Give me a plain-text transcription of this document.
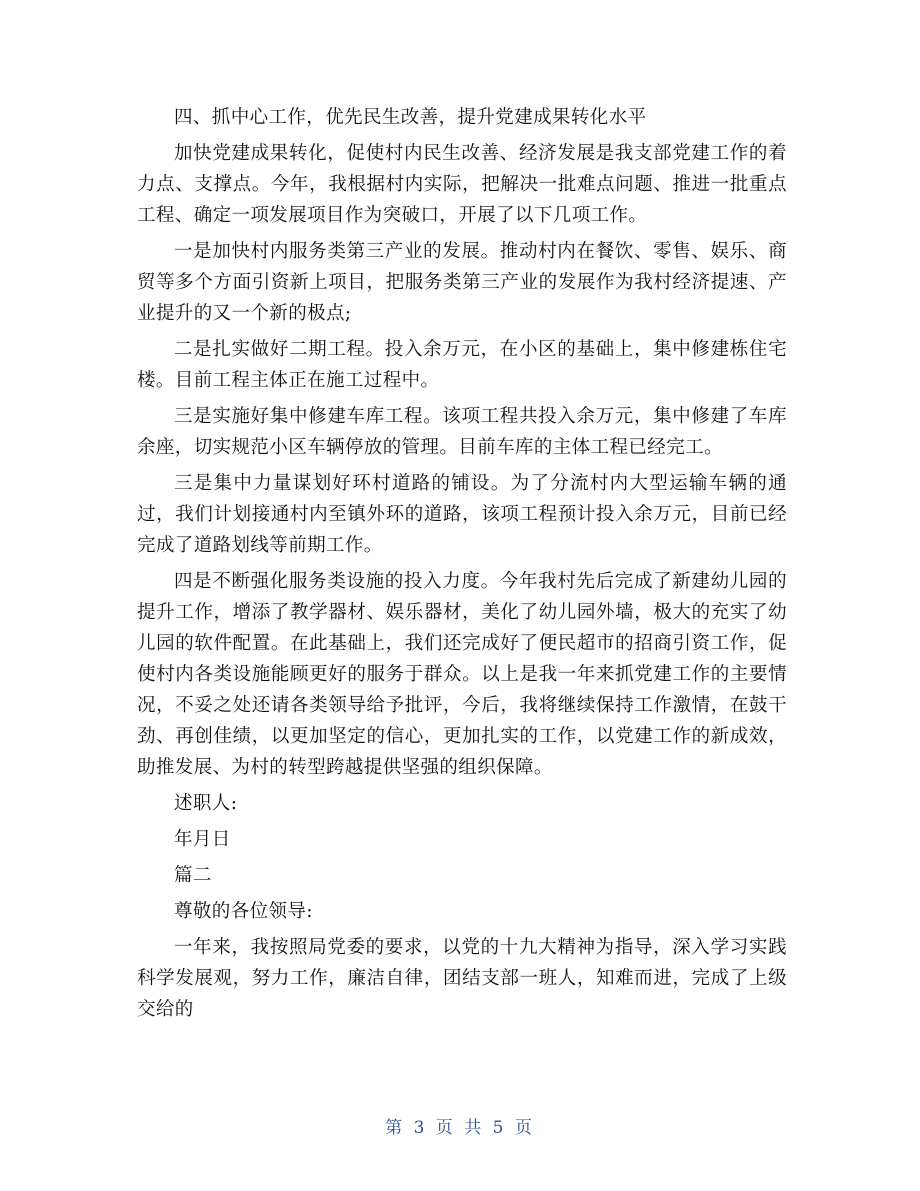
四、抓中心工作，优先民生改善，提升党建成果转化水平

加快党建成果转化，促使村内民生改善、经济发展是我支部党建工作的着力点、支撑点。今年，我根据村内实际，把解决一批难点问题、推进一批重点工程、确定一项发展项目作为突破口，开展了以下几项工作。

一是加快村内服务类第三产业的发展。推动村内在餐饮、零售、娱乐、商贸等多个方面引资新上项目，把服务类第三产业的发展作为我村经济提速、产业提升的又一个新的极点;

二是扎实做好二期工程。投入余万元，在小区的基础上，集中修建栋住宅楼。目前工程主体正在施工过程中。

三是实施好集中修建车库工程。该项工程共投入余万元，集中修建了车库余座，切实规范小区车辆停放的管理。目前车库的主体工程已经完工。

三是集中力量谋划好环村道路的铺设。为了分流村内大型运输车辆的通过，我们计划接通村内至镇外环的道路，该项工程预计投入余万元，目前已经完成了道路划线等前期工作。

四是不断强化服务类设施的投入力度。今年我村先后完成了新建幼儿园的提升工作，增添了教学器材、娱乐器材，美化了幼儿园外墙，极大的充实了幼儿园的软件配置。在此基础上，我们还完成好了便民超市的招商引资工作，促使村内各类设施能顾更好的服务于群众。以上是我一年来抓党建工作的主要情况，不妥之处还请各类领导给予批评，今后，我将继续保持工作激情，在鼓干劲、再创佳绩，以更加坚定的信心，更加扎实的工作，以党建工作的新成效，助推发展、为村的转型跨越提供坚强的组织保障。

述职人:

年月日

篇二

尊敬的各位领导:

一年来，我按照局党委的要求，以党的十九大精神为指导，深入学习实践科学发展观，努力工作，廉洁自律，团结支部一班人，知难而进，完成了上级交给的

第 3 页 共 5 页
